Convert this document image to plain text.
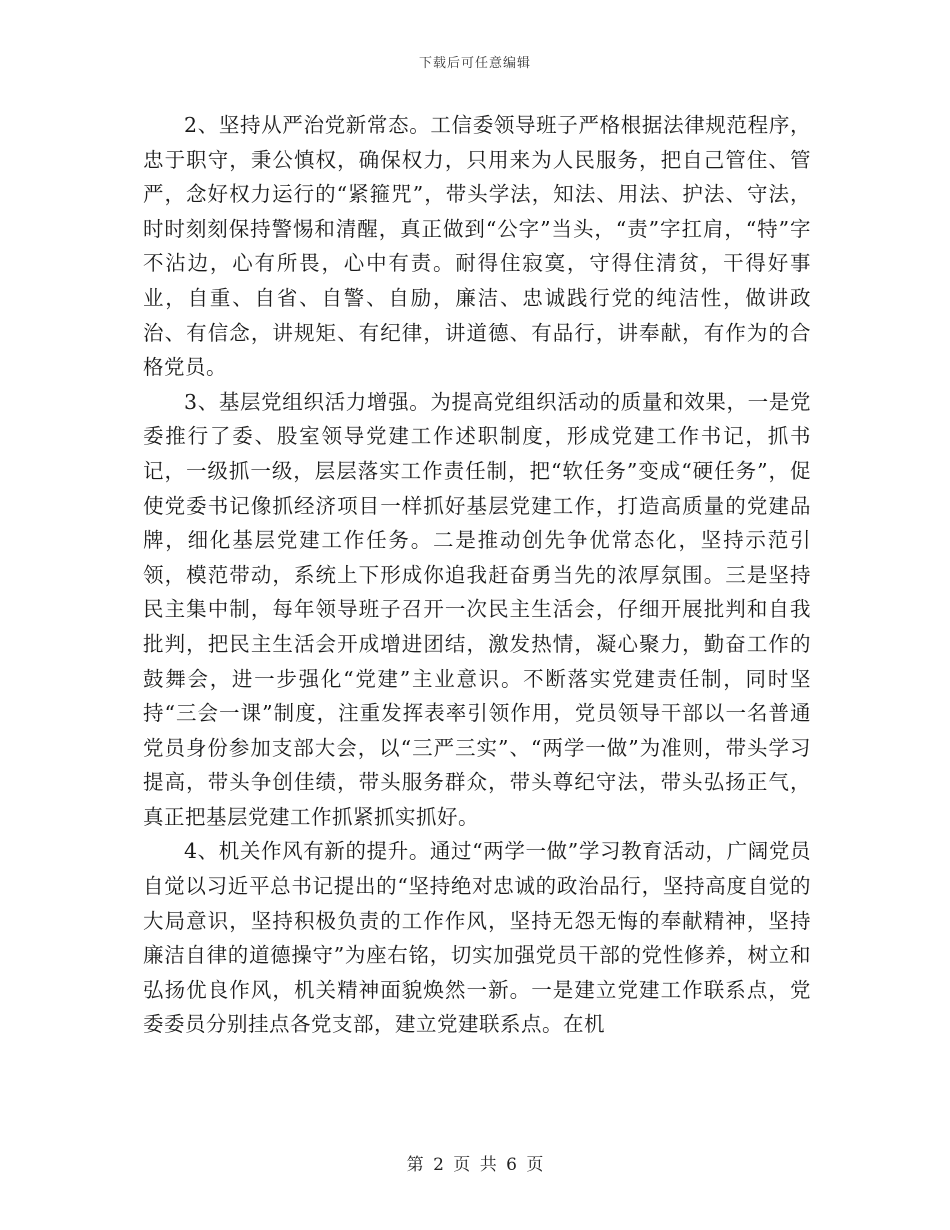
下载后可任意编辑

2、坚持从严治党新常态。工信委领导班子严格根据法律规范程序，忠于职守，秉公慎权，确保权力，只用来为人民服务，把自己管住、管严，念好权力运行的“紧箍咒”，带头学法，知法、用法、护法、守法，时时刻刻保持警惕和清醒，真正做到“公字”当头，“责”字扛肩，“特”字不沾边，心有所畏，心中有责。耐得住寂寞，守得住清贫，干得好事业，自重、自省、自警、自励，廉洁、忠诚践行党的纯洁性，做讲政治、有信念，讲规矩、有纪律，讲道德、有品行，讲奉献，有作为的合格党员。

3、基层党组织活力增强。为提高党组织活动的质量和效果，一是党委推行了委、股室领导党建工作述职制度，形成党建工作书记，抓书记，一级抓一级，层层落实工作责任制，把“软任务”变成“硬任务”，促使党委书记像抓经济项目一样抓好基层党建工作，打造高质量的党建品牌，细化基层党建工作任务。二是推动创先争优常态化，坚持示范引领，模范带动，系统上下形成你追我赶奋勇当先的浓厚氛围。三是坚持民主集中制，每年领导班子召开一次民主生活会，仔细开展批判和自我批判，把民主生活会开成增进团结，激发热情，凝心聚力，勤奋工作的鼓舞会，进一步强化“党建”主业意识。不断落实党建责任制，同时坚持“三会一课”制度，注重发挥表率引领作用，党员领导干部以一名普通党员身份参加支部大会，以“三严三实”、“两学一做”为准则，带头学习提高，带头争创佳绩，带头服务群众，带头尊纪守法，带头弘扬正气，真正把基层党建工作抓紧抓实抓好。

4、机关作风有新的提升。通过“两学一做”学习教育活动，广阔党员自觉以习近平总书记提出的“坚持绝对忠诚的政治品行，坚持高度自觉的大局意识，坚持积极负责的工作作风，坚持无怨无悔的奉献精神，坚持廉洁自律的道德操守”为座右铭，切实加强党员干部的党性修养，树立和弘扬优良作风，机关精神面貌焕然一新。一是建立党建工作联系点，党委委员分别挂点各党支部，建立党建联系点。在机

第 2 页 共 6 页
